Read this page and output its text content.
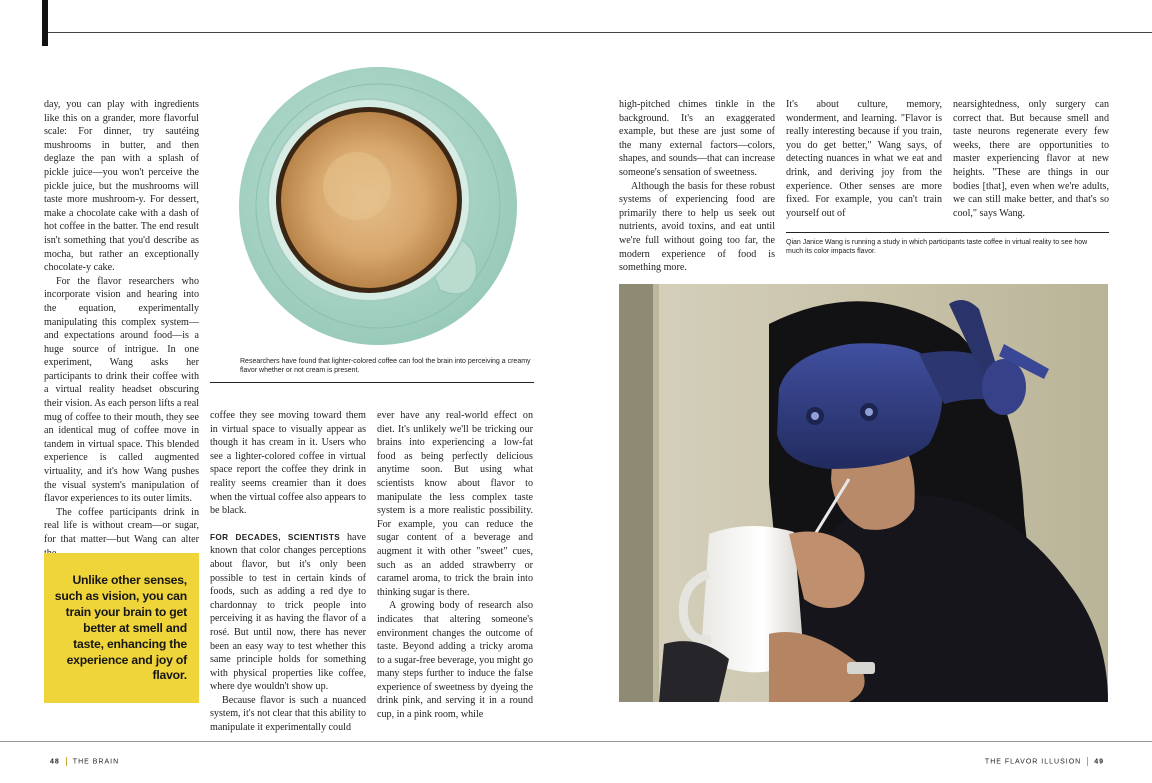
day, you can play with ingredients like this on a grander, more flavorful scale: For dinner, try sautéing mushrooms in butter, and then deglaze the pan with a splash of pickle juice—you won't perceive the pickle juice, but the mushrooms will taste more mushroom-y. For dessert, make a chocolate cake with a dash of hot coffee in the batter. The end result isn't something that you'd describe as mocha, but rather an exceptionally chocolate-y cake.

For the flavor researchers who incorporate vision and hearing into the equation, experimentally manipulating this complex system—and expectations around food—is a huge source of intrigue. In one experiment, Wang asks her participants to drink their coffee with a virtual reality headset obscuring their vision. As each person lifts a real mug of coffee to their mouth, they see an identical mug of coffee move in tandem in virtual space. This blended experience is called augmented virtuality, and it's how Wang pushes the visual system's manipulation of flavor experiences to its outer limits.

The coffee participants drink in real life is without cream—or sugar, for that matter—but Wang can alter

Unlike other senses, such as vision, you can train your brain to get better at smell and taste, enhancing the experience and joy of flavor.
Researchers have found that lighter-colored coffee can fool the brain into perceiving a creamy flavor whether or not cream is present.

coffee they see moving toward them in virtual space to visually appear as though it has cream in it. Users who see a lighter-colored coffee in virtual space report the coffee they drink in reality seems creamier than it does when the virtual coffee also appears to be black.

FOR DECADES, SCIENTISTS have known that color changes perceptions about flavor, but it's only been possible to test in certain kinds of foods, such as adding a red dye to chardonnay to trick people into perceiving it as having the flavor of a rosé. But until now, there has never been an easy way to test whether this same principle holds for something with physical properties like coffee, where dye wouldn't show up.

Because flavor is such a nuanced system, it's not clear that this ability to manipulate it experimentally could

ever have any real-world effect on diet. It's unlikely we'll be tricking our brains into experiencing a low-fat food as being perfectly delicious anytime soon. But using what scientists know about flavor to manipulate the less complex taste system is a more realistic possibility. For example, you can reduce the sugar content of a beverage and augment it with other "sweet" cues, such as an added strawberry or caramel aroma, to trick the brain into thinking sugar is there.

A growing body of research also indicates that altering someone's environment changes the outcome of taste. Beyond adding a tricky aroma to a sugar-free beverage, you might go many steps further to induce the false experience of sweetness by dyeing the drink pink, and serving it in a round cup, in a pink room, while

high-pitched chimes tinkle in the background. It's an exaggerated example, but these are just some of the many external factors—colors, shapes, and sounds—that can increase someone's sensation of sweetness.

Although the basis for these robust systems of experiencing food are primarily there to help us seek out nutrients, avoid toxins, and eat until we're full without going too far, the modern experience of food is something more.

It's about culture, memory, wonderment, and learning. "Flavor is really interesting because if you train, you do get better," Wang says, of detecting nuances in what we eat and drink, and deriving joy from the experience. Other senses are more fixed. For example, you can't train yourself out of

nearsightedness, only surgery can correct that. But because smell and taste neurons regenerate every few weeks, there are opportunities to master experiencing flavor at new heights. "These are things in our bodies [that], even when we're adults, we can still make better, and that's so cool," says Wang.

Qian Janice Wang is running a study in which participants taste coffee in virtual reality to see how much its color impacts flavor.
48 THE BRAIN	THE FLAVOR ILLUSION 49
